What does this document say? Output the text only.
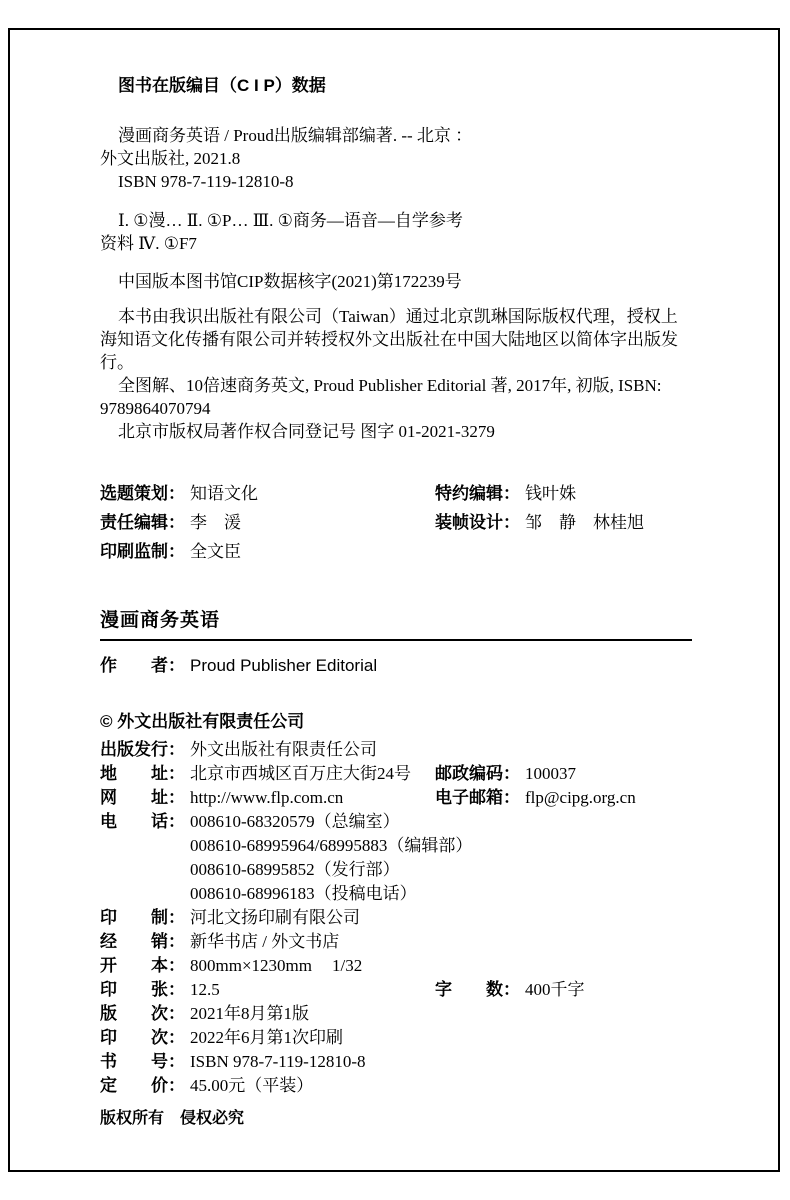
图书在版编目（C I P）数据

漫画商务英语 / Proud出版编辑部编著. -- 北京 ：

外文出版社, 2021.8

ISBN 978-7-119-12810-8

Ⅰ. ①漫… Ⅱ. ①P… Ⅲ. ①商务—语音—自学参考

资料 Ⅳ. ①F7

中国版本图书馆CIP数据核字(2021)第172239号

本书由我识出版社有限公司（Taiwan）通过北京凯琳国际版权代理，授权上海知语文化传播有限公司并转授权外文出版社在中国大陆地区以简体字出版发行。

全图解、10倍速商务英文, Proud Publisher Editorial 著, 2017年, 初版, ISBN: 9789864070794

北京市版权局著作权合同登记号 图字 01-2021-3279

选题策划： 知语文化	特约编辑： 钱叶姝
责任编辑： 李　湲	装帧设计： 邹　静　林桂旭
印刷监制： 全文臣

漫画商务英语

作　　者： Proud Publisher Editorial

© 外文出版社有限责任公司

出版发行： 外文出版社有限责任公司
地　　址： 北京市西城区百万庄大街24号 邮政编码： 100037
网　　址： http://www.flp.com.cn	电子邮箱： flp@cipg.org.cn
电　　话： 008610-68320579（总编室）
008610-68995964/68995883（编辑部）
008610-68995852（发行部）
008610-68996183（投稿电话）
印　　制： 河北文扬印刷有限公司
经　　销： 新华书店 / 外文书店
开　　本： 800mm×1230mm 1/32
印　　张： 12.5	字　　数： 400千字
版　　次： 2021年8月第1版
印　　次： 2022年6月第1次印刷
书　　号： ISBN 978-7-119-12810-8
定　　价： 45.00元（平装）

版权所有　侵权必究
